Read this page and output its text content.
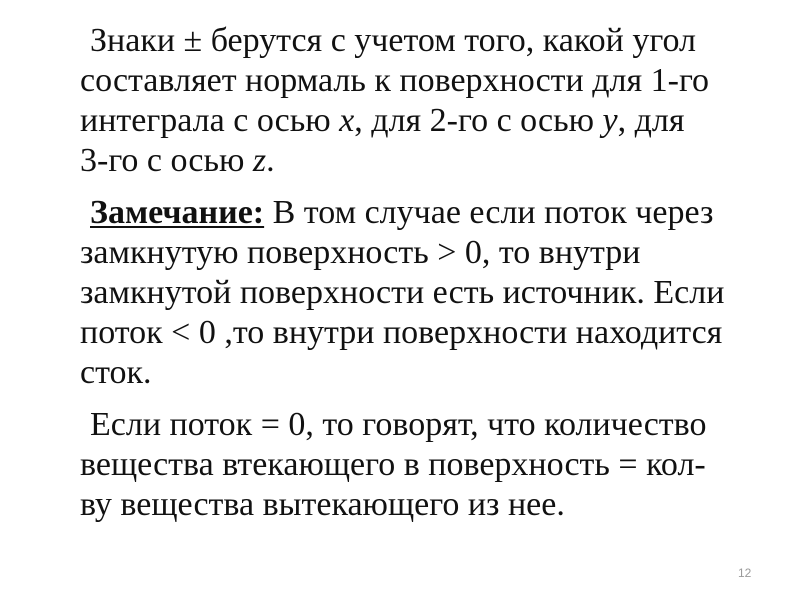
Знаки ± берутся с учетом того, какой угол
составляет нормаль к поверхности для 1-го
интеграла с осью x, для 2-го с осью y, для
3-го с осью z.
Замечание: В том случае если поток через
замкнутую поверхность > 0, то внутри
замкнутой поверхности есть источник. Если
поток < 0 ,то внутри поверхности находится
сток.
Если поток = 0, то говорят, что количество
вещества втекающего в поверхность = кол-
ву вещества вытекающего из нее.
12
